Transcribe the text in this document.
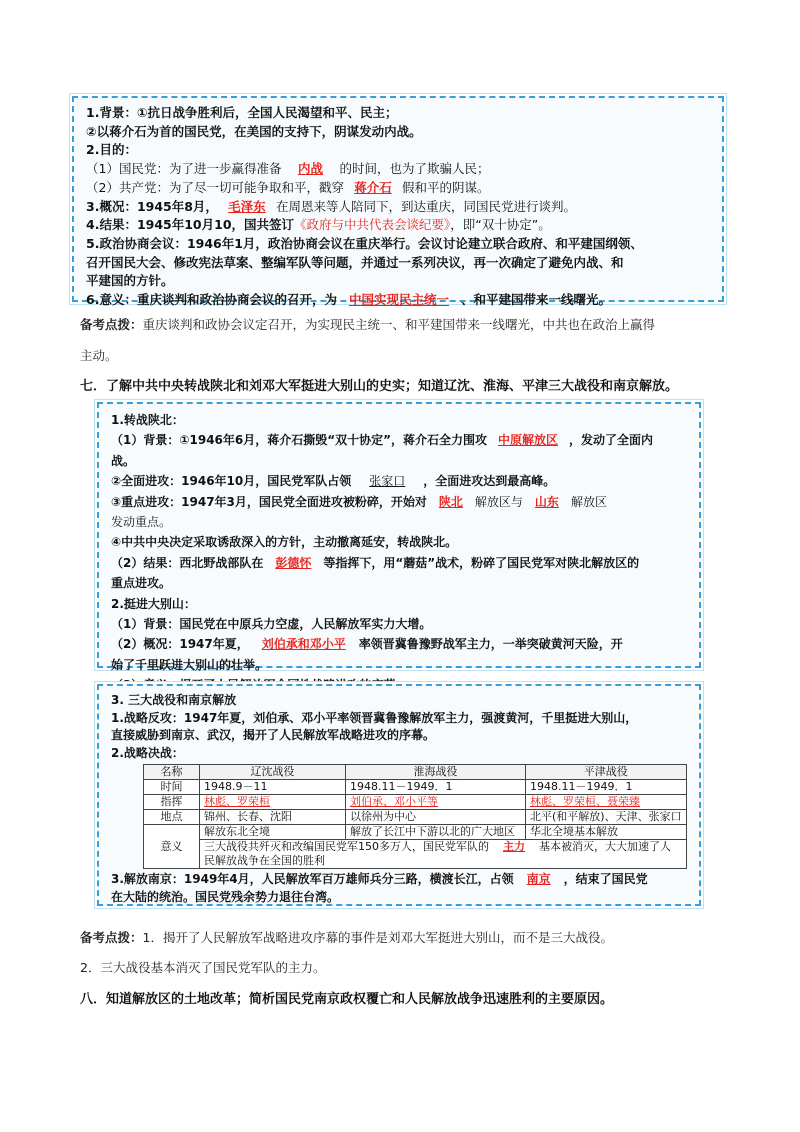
1.背景：①抗日战争胜利后，全国人民渴望和平、民主；

②以蒋介石为首的国民党，在美国的支持下，阴谋发动内战。

2.目的：

（1）国民党：为了进一步赢得准备 内战 的时间，也为了欺骗人民；

（2）共产党：为了尽一切可能争取和平，戳穿 蒋介石 假和平的阴谋。

3.概况：1945年8月， 毛泽东 在周恩来等人陪同下，到达重庆，同国民党进行谈判。

4.结果：1945年10月10，国共签订《政府与中共代表会谈纪要》，即“双十协定”。

5.政治协商会议：1946年1月，政治协商会议在重庆举行。会议讨论建立联合政府、和平建国纲领、

召开国民大会、修改宪法草案、整编军队等问题，并通过一系列决议，再一次确定了避免内战、和

平建国的方针。

6.意义：重庆谈判和政治协商会议的召开，为 中国实现民主统一 、和平建国带来一线曙光。

备考点拨：重庆谈判和政协会议定召开，为实现民主统一、和平建国带来一线曙光，中共也在政治上赢得
主动。
七．了解中共中央转战陕北和刘邓大军挺进大别山的史实；知道辽沈、淮海、平津三大战役和南京解放。

1.转战陕北：

（1）背景：①1946年6月，蒋介石撕毁“双十协定”，蒋介石全力围攻 中原解放区 ，发动了全面内

战。

②全面进攻：1946年10月，国民党军队占领 张家口 ，全面进攻达到最高峰。

③重点进攻：1947年3月，国民党全面进攻被粉碎，开始对 陕北 解放区与 山东 解放区

发动重点。

④中共中央决定采取诱敌深入的方针，主动撤离延安，转战陕北。

（2）结果：西北野战部队在 彭德怀 等指挥下，用“蘑菇”战术，粉碎了国民党军对陕北解放区的

重点进攻。

2.挺进大别山：

（1）背景：国民党在中原兵力空虚，人民解放军实力大增。

（2）概况：1947年夏， 刘伯承和邓小平 率领晋冀鲁豫野战军主力，一举突破黄河天险，开

始了千里跃进大别山的壮举。

3. 三大战役和南京解放

1.战略反攻：1947年夏，刘伯承、邓小平率领晋冀鲁豫解放军主力，强渡黄河，千里挺进大别山，

直接威胁到南京、武汉，揭开了人民解放军战略进攻的序幕。

2.战略决战：

名称	辽沈战役	淮海战役	平津战役
时间	1948.9－11	1948.11－1949．1	1948.11－1949．1
指挥	林彪、罗荣桓	刘伯承、邓小平等	林彪、罗荣桓、聂荣臻
地点	锦州、长春、沈阳	以徐州为中心	北平(和平解放)、天津、张家口
意义	解放东北全境	解放了长江中下游以北的广大地区	华北全境基本解放
	三大战役共歼灭和改编国民党军150多万人，国民党军队的 主力 基本被消灭，大大加速了人民解放战争在全国的胜利		

3.解放南京：1949年4月，人民解放军百万雄师兵分三路，横渡长江，占领 南京 ，结束了国民党

在大陆的统治。国民党残余势力退往台湾。

备考点拨：1．揭开了人民解放军战略进攻序幕的事件是刘邓大军挺进大别山，而不是三大战役。
2．三大战役基本消灭了国民党军队的主力。
八．知道解放区的土地改革；简析国民党南京政权覆亡和人民解放战争迅速胜利的主要原因。
